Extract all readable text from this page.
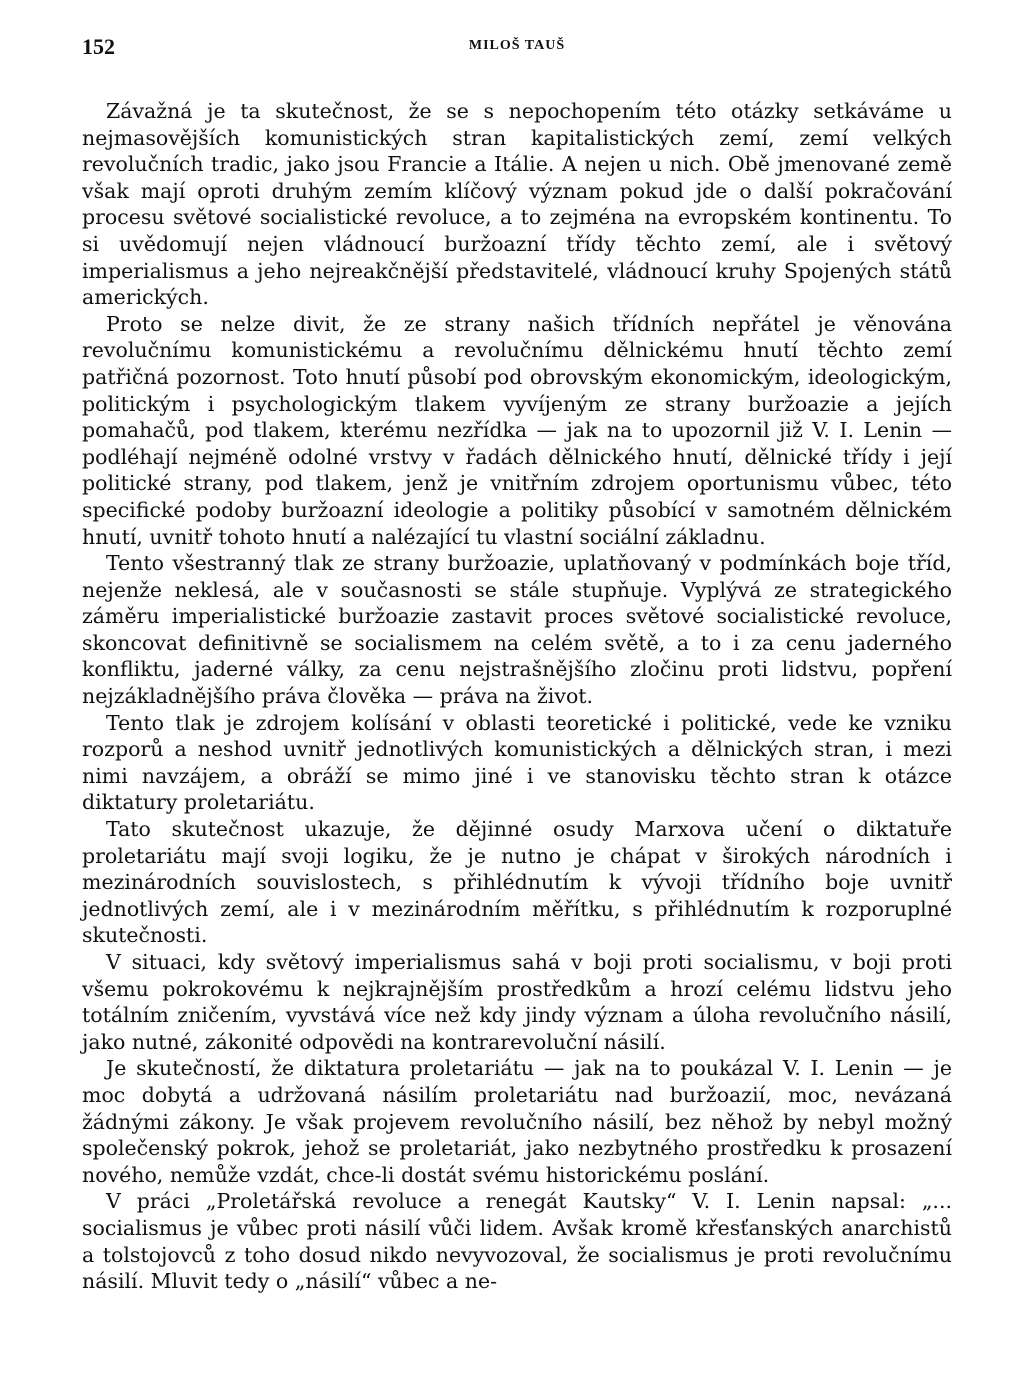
152	MILOŠ TAUŠ

Závažná je ta skutečnost, že se s nepochopením této otázky setkáváme u nejmasovějších komunistických stran kapitalistických zemí, zemí velkých revolučních tradic, jako jsou Francie a Itálie. A nejen u nich. Obě jmenované země však mají oproti druhým zemím klíčový význam pokud jde o další pokračování procesu světové socialistické revoluce, a to zejména na evropském kontinentu. To si uvědomují nejen vládnoucí buržoazní třídy těchto zemí, ale i světový imperialismus a jeho nejreakčnější představitelé, vládnoucí kruhy Spojených států amerických.

Proto se nelze divit, že ze strany našich třídních nepřátel je věnována revolučnímu komunistickému a revolučnímu dělnickému hnutí těchto zemí patřičná pozornost. Toto hnutí působí pod obrovským ekonomickým, ideologickým, politickým i psychologickým tlakem vyvíjeným ze strany buržoazie a jejích pomahačů, pod tlakem, kterému nezřídka — jak na to upozornil již V. I. Lenin — podléhají nejméně odolné vrstvy v řadách dělnického hnutí, dělnické třídy i její politické strany, pod tlakem, jenž je vnitřním zdrojem oportunismu vůbec, této specifické podoby buržoazní ideologie a politiky působící v samotném dělnickém hnutí, uvnitř tohoto hnutí a nalézající tu vlastní sociální základnu.

Tento všestranný tlak ze strany buržoazie, uplatňovaný v podmínkách boje tříd, nejenže neklesá, ale v současnosti se stále stupňuje. Vyplývá ze strategického záměru imperialistické buržoazie zastavit proces světové socialistické revoluce, skoncovat definitivně se socialismem na celém světě, a to i za cenu jaderného konfliktu, jaderné války, za cenu nejstrašnějšího zločinu proti lidstvu, popření nejzákladnějšího práva člověka — práva na život.

Tento tlak je zdrojem kolísání v oblasti teoretické i politické, vede ke vzniku rozporů a neshod uvnitř jednotlivých komunistických a dělnických stran, i mezi nimi navzájem, a obráží se mimo jiné i ve stanovisku těchto stran k otázce diktatury proletariátu.

Tato skutečnost ukazuje, že dějinné osudy Marxova učení o diktatuře proletariátu mají svoji logiku, že je nutno je chápat v širokých národních i mezinárodních souvislostech, s přihlédnutím k vývoji třídního boje uvnitř jednotlivých zemí, ale i v mezinárodním měřítku, s přihlédnutím k rozporuplné skutečnosti.

V situaci, kdy světový imperialismus sahá v boji proti socialismu, v boji proti všemu pokrokovému k nejkrajnějším prostředkům a hrozí celému lidstvu jeho totálním zničením, vyvstává více než kdy jindy význam a úloha revolučního násilí, jako nutné, zákonité odpovědi na kontrarevoluční násilí.

Je skutečností, že diktatura proletariátu — jak na to poukázal V. I. Lenin — je moc dobytá a udržovaná násilím proletariátu nad buržoazií, moc, nevázaná žádnými zákony. Je však projevem revolučního násilí, bez něhož by nebyl možný společenský pokrok, jehož se proletariát, jako nezbytného prostředku k prosazení nového, nemůže vzdát, chce-li dostát svému historickému poslání.

V práci „Proletářská revoluce a renegát Kautsky“ V. I. Lenin napsal: „... socialismus je vůbec proti násilí vůči lidem. Avšak kromě křesťanských anarchistů a tolstojovců z toho dosud nikdo nevyvozoval, že socialismus je proti revolučnímu násilí. Mluvit tedy o „násilí“ vůbec a ne-
